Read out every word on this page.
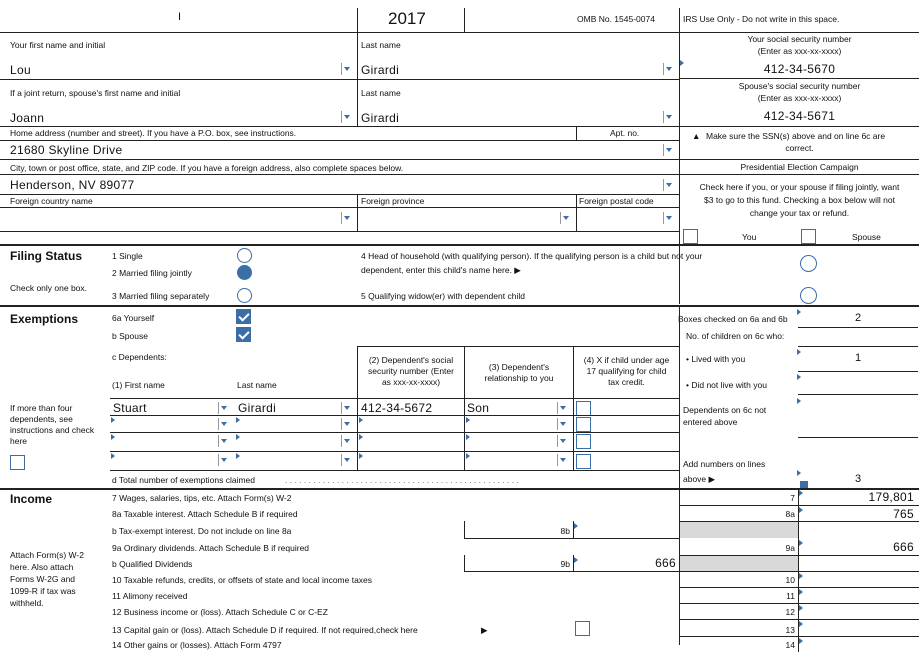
I	2017	OMB No. 1545-0074	IRS Use Only - Do not write in this space.
Your first name and initial	Last name
Lou	Girardi
Your social security number
(Enter as xxx-xx-xxxx)
412-34-5670
If a joint return, spouse's first name and initial	Last name
Joann	Girardi
Spouse's social security number
(Enter as xxx-xx-xxxx)
412-34-5671
Home address (number and street). If you have a P.O. box, see instructions.	Apt. no.
21680 Skyline Drive
▲ Make sure the SSN(s) above and on line 6c are
correct.
City, town or post office, state, and ZIP code. If you have a foreign address, also complete spaces below.
Henderson, NV 89077
Foreign country name	Foreign province	Foreign postal code
Presidential Election Campaign
Check here if you, or your spouse if filing jointly, want
$3 to go to this fund. Checking a box below will not
change your tax or refund.
You	Spouse
Filing Status
Check only one box.
1 Single
2 Married filing jointly
3 Married filing separately
4 Head of household (with qualifying person). If the qualifying person is a child but not your
dependent, enter this child's name here. ▶
5 Qualifying widow(er) with dependent child
Exemptions	6a Yourself
b Spouse
Boxes checked on 6a and 6b	2
No. of children on 6c who:
c Dependents:	• Lived with you	1
• Did not live with you
Dependents on 6c not
entered above
Add numbers on lines
above ▶	3
(1) First name	Last name
(2) Dependent's social
security number (Enter
as xxx-xx-xxxx)
(3) Dependent's
relationship to you
(4) X if child under age
17 qualifying for child
tax credit.
If more than four
dependents, see
instructions and check
here
Stuart	Girardi	412-34-5672	Son
d Total number of exemptions claimed	. . . . . . . . . . . . . . . . . . . . . . . . . . . . . . . . . . . . . . . . . . . . . . . . . .
Income
Attach Form(s) W-2
here. Also attach
Forms W-2G and
1099-R if tax was
withheld.
7 Wages, salaries, tips, etc. Attach Form(s) W-2	7	179,801
8a Taxable interest. Attach Schedule B if required	8a	765
b Tax-exempt interest. Do not include on line 8a	8b
9a Ordinary dividends. Attach Schedule B if required	9a	666
b Qualified Dividends	9b	666
10 Taxable refunds, credits, or offsets of state and local income taxes	10
11 Alimony received	11
12 Business income or (loss). Attach Schedule C or C-EZ	12
13 Capital gain or (loss). Attach Schedule D if required. If not required,check here	▶	13
14 Other gains or (losses). Attach Form 4797	14
